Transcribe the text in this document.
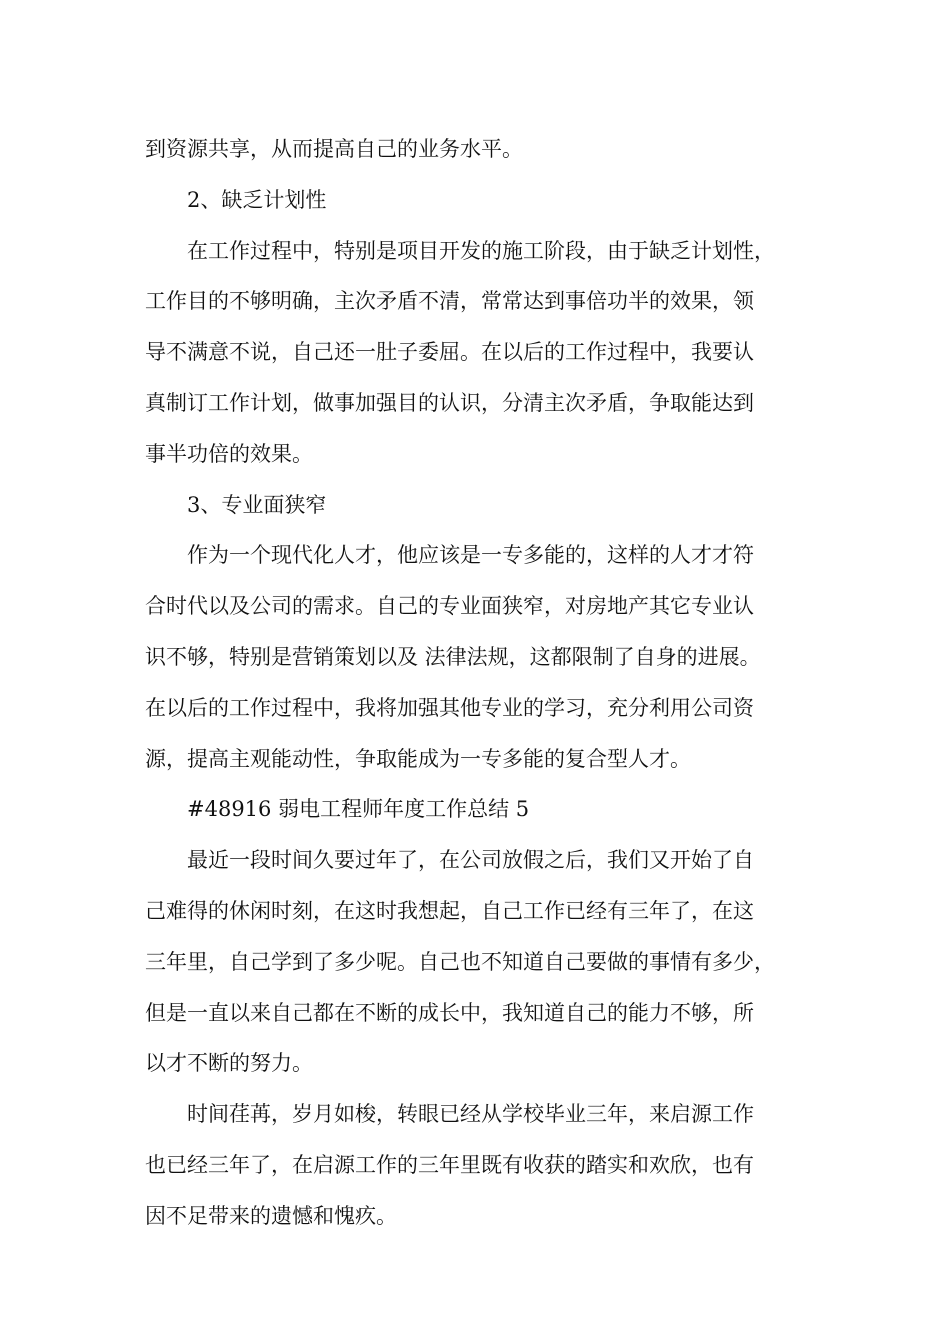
到资源共享，从而提高自己的业务水平。
2、缺乏计划性
在工作过程中，特别是项目开发的施工阶段，由于缺乏计划性，
工作目的不够明确，主次矛盾不清，常常达到事倍功半的效果，领
导不满意不说，自己还一肚子委屈。在以后的工作过程中，我要认
真制订工作计划，做事加强目的认识，分清主次矛盾，争取能达到
事半功倍的效果。
3、专业面狭窄
作为一个现代化人才，他应该是一专多能的，这样的人才才符
合时代以及公司的需求。自己的专业面狭窄，对房地产其它专业认
识不够，特别是营销策划以及 法律法规，这都限制了自身的进展。
在以后的工作过程中，我将加强其他专业的学习，充分利用公司资
源，提高主观能动性，争取能成为一专多能的复合型人才。
#48916 弱电工程师年度工作总结 5
最近一段时间久要过年了，在公司放假之后，我们又开始了自
己难得的休闲时刻，在这时我想起，自己工作已经有三年了，在这
三年里，自己学到了多少呢。自己也不知道自己要做的事情有多少，
但是一直以来自己都在不断的成长中，我知道自己的能力不够，所
以才不断的努力。
时间荏苒，岁月如梭，转眼已经从学校毕业三年，来启源工作
也已经三年了，在启源工作的三年里既有收获的踏实和欢欣，也有
因不足带来的遗憾和愧疚。
